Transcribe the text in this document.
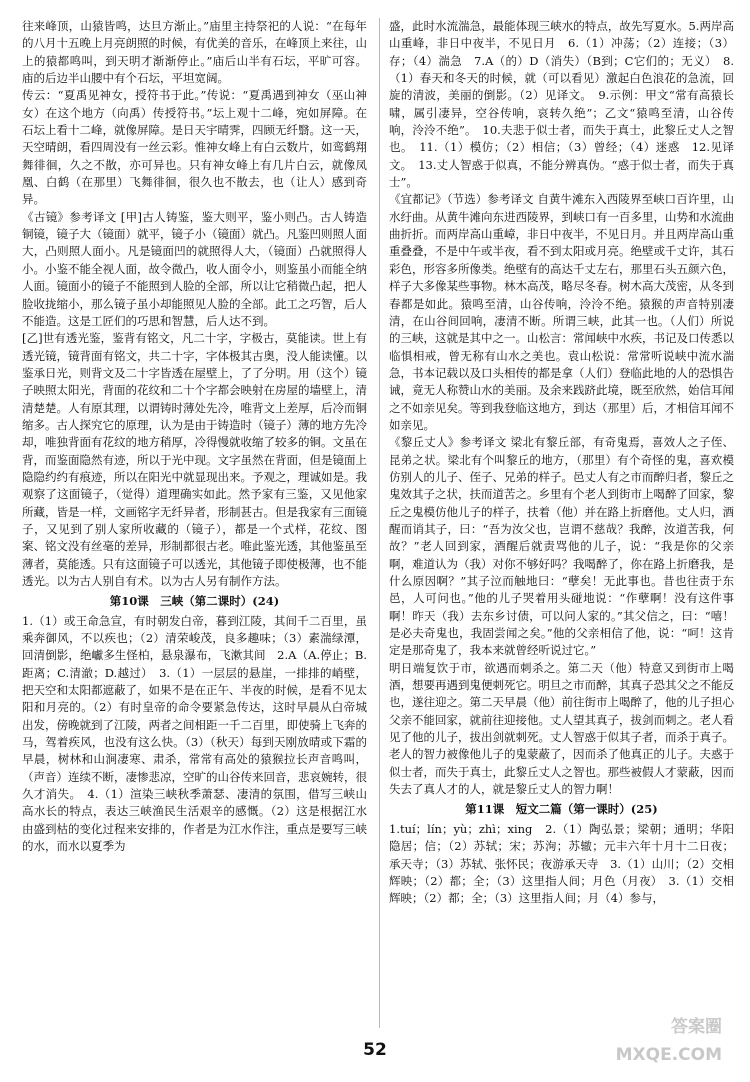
往来峰顶，山猿皆鸣，达旦方渐止。”庙里主持祭祀的人说：“在每年的八月十五晚上月亮朗照的时候，有优美的音乐，在峰顶上来往，山上的猿都鸣叫，到天明才渐渐停止。”庙后山半有石坛，平旷可容。庙的后边半山腰中有个石坛，平坦宽阔。

传云：“夏禹见神女，授符书于此。”传说：“夏禹遇到神女（巫山神女）在这个地方（向禹）传授符书。”坛上观十二峰，宛如屏障。在石坛上看十二峰，就像屏障。是日天宇晴霁，四顾无纤翳。这一天，天空晴朗，看四周没有一丝云彩。惟神女峰上有白云数片，如鸾鹤翔舞徘徊，久之不散，亦可异也。只有神女峰上有几片白云，就像凤凰、白鹤（在那里）飞舞徘徊，很久也不散去，也（让人）感到奇异。

《古镜》参考译文 [甲]古人铸鉴，鉴大则平，鉴小则凸。古人铸造铜镜，镜子大（镜面）就平，镜子小（镜面）就凸。凡鉴凹则照人面大，凸则照人面小。凡是镜面凹的就照得人大，（镜面）凸就照得人小。小鉴不能全视人面，故令微凸，收人面令小，则鉴虽小而能全纳人面。镜面小的镜子不能照到人脸的全部，所以让它稍微凸起，把人脸收拢缩小，那么镜子虽小却能照见人脸的全部。此工之巧智，后人不能造。这是工匠们的巧思和智慧，后人达不到。

[乙]世有透光鉴，鉴背有铭文，凡二十字，字极古，莫能读。世上有透光镜，镜背面有铭文，共二十字，字体极其古奥，没人能读懂。以鉴承日光，则背文及二十字皆透在屋壁上，了了分明。用（这个）镜子映照太阳光，背面的花纹和二十个字都会映射在房屋的墙壁上，清清楚楚。人有原其理，以谓铸时薄处先冷，唯背文上差厚，后冷而铜缩多。古人探究它的原理，认为是由于铸造时（镜子）薄的地方先冷却，唯独背面有花纹的地方稍厚，冷得慢就收缩了较多的铜。文虽在背，而鉴面隐然有迹，所以于光中现。文字虽然在背面，但是镜面上隐隐约约有痕迹，所以在阳光中就显现出来。予观之，理诚如是。我观察了这面镜子，（觉得）道理确实如此。然予家有三鉴，又见他家所藏，皆是一样，文画铭字无纤异者，形制甚古。但是我家有三面镜子，又见到了别人家所收藏的（镜子），都是一个式样，花纹、图案、铭文没有丝毫的差异，形制都很古老。唯此鉴光透，其他鉴虽至薄者，莫能透。只有这面镜子可以透光，其他镜子即使极薄，也不能透光。以为古人别自有术。以为古人另有制作方法。

第10课　三峡（第二课时）(24)

1.（1）或王命急宣，有时朝发白帝，暮到江陵，其间千二百里，虽乘奔御风，不以疾也；（2）清荣峻茂，良多趣味；（3）素湍绿潭，回清倒影，绝巘多生怪柏，悬泉瀑布，飞漱其间　2.A（A.停止；B.距离；C.清澈；D.越过）　3.（1）一层层的悬崖，一排排的峭壁，把天空和太阳都遮蔽了，如果不是在正午、半夜的时候，是看不见太阳和月亮的。（2）有时皇帝的命令要紧急传达，这时早晨从白帝城出发，傍晚就到了江陵，两者之间相距一千二百里，即使骑上飞奔的马，驾着疾风，也没有这么快。（3）（秋天）每到天刚放晴或下霜的早晨，树林和山涧凄寒、肃杀，常常有高处的猿猴拉长声音鸣叫，（声音）连续不断，凄惨悲凉，空旷的山谷传来回音，悲哀婉转，很久才消失。　4.（1）渲染三峡秋季萧瑟、凄清的氛围，借写三峡山高水长的特点，表达三峡渔民生活艰辛的感慨。（2）这是根据江水由盛到枯的变化过程来安排的，作者是为江水作注，重点是要写三峡的水，而水以夏季为

盛，此时水流湍急，最能体现三峡水的特点，故先写夏水。5.两岸高山重峰，非日中夜半，不见日月　6.（1）冲荡；（2）连接；（3）存；（4）湍急　7.A（的）D（消失）（B到；C它们的；无义）　8.（1）春天和冬天的时候，就（可以看见）激起白色浪花的急流，回旋的清波，美丽的倒影。（2）见译文。　9.示例：甲文“常有高猿长啸，属引凄异，空谷传响，哀转久绝”；乙文“猿鸣至清，山谷传响，泠泠不绝”。　10.夫悲于似士者，而失于真士，此黎丘丈人之智也。　11.（1）模仿；（2）相信；（3）曾经；（4）迷惑　12.见译文。　13.丈人智惑于似真，不能分辨真伪。“惑于似士者，而失于真士”。

《宜都记》（节选）参考译文 自黄牛滩东入西陵界至峡口百许里，山水纡曲。从黄牛滩向东进西陵界，到峡口有一百多里，山势和水流曲曲折折。而两岸高山重嶂，非日中夜半，不见日月。并且两岸高山重重叠叠，不是中午或半夜，看不到太阳或月亮。绝壁或千丈许，其石彩色，形容多所像类。绝壁有的高达千丈左右，那里石头五颜六色，样子大多像某些事物。林木高茂，略尽冬春。树木高大茂密，从冬到春都是如此。猿鸣至清，山谷传响，泠泠不绝。猿猴的声音特别凄清，在山谷间回响，凄清不断。所谓三峡，此其一也。（人们）所说的三峡，这就是其中之一。山松言：常闻峡中水疾，书记及口传悉以临惧相戒，曾无称有山水之美也。袁山松说：常常听说峡中流水湍急，书本记载以及口头相传的都是拿（人们）登临此地的人的恐惧告诫，竟无人称赞山水的美丽。及余来践跻此境，既至欣然，始信耳闻之不如亲见矣。等到我登临这地方，到达（那里）后，才相信耳闻不如亲见。

《黎丘丈人》参考译文 梁北有黎丘部，有奇鬼焉，喜效人之子侄、昆弟之状。梁北有个叫黎丘的地方，（那里）有个奇怪的鬼，喜欢模仿别人的儿子、侄子、兄弟的样子。邑丈人有之市而醉归者，黎丘之鬼效其子之状，扶而道苦之。乡里有个老人到街市上喝醉了回家，黎丘之鬼模仿他儿子的样子，扶着（他）并在路上折磨他。丈人归，酒醒而诮其子，曰：“吾为汝父也，岂谓不慈哉？我醉，汝道苦我，何故？”老人回到家，酒醒后就责骂他的儿子，说：“我是你的父亲啊，难道认为（我）对你不够好吗？我喝醉了，你在路上折磨我，是什么原因啊？”其子泣而触地曰：“孽矣！无此事也。昔也往责于东邑，人可问也。”他的儿子哭着用头碰地说：“作孽啊！没有这件事啊！昨天（我）去东乡讨债，可以问人家的。”其父信之，曰：“嘻！是必夫奇鬼也，我固尝闻之矣。”他的父亲相信了他，说：“呵！这肯定是那奇鬼了，我本来就曾经听说过它。”

明日端复饮于市，欲遇而刺杀之。第二天（他）特意又到街市上喝酒，想要再遇到鬼便刺死它。明旦之市而醉，其真子恐其父之不能反也，遂往迎之。第二天早晨（他）前往街市上喝醉了，他的儿子担心父亲不能回家，就前往迎接他。丈人望其真子，拔剑而刺之。老人看见了他的儿子，拔出剑就刺死。丈人智惑于似其子者，而杀于真子。老人的智力被像他儿子的鬼蒙蔽了，因而杀了他真正的儿子。夫惑于似士者，而失于真士，此黎丘丈人之智也。那些被假人才蒙蔽，因而失去了真人才的人，就是黎丘丈人的智力啊！

第11课　短文二篇（第一课时）(25)

1.tuí；lín；yù；zhì；xing　2.（1）陶弘景；梁朝；通明；华阳隐居；信；（2）苏轼；宋；苏洵；苏辙；元丰六年十月十二日夜；承天寺；（3）苏轼、张怀民；夜游承天寺　3.（1）山川；（2）交相辉映；（2）都；全；（3）这里指人间；月色（月夜）　3.（1）交相辉映；（2）都；全；（3）这里指人间；月（4）参与，

52
答案圈
MXQE.COM
